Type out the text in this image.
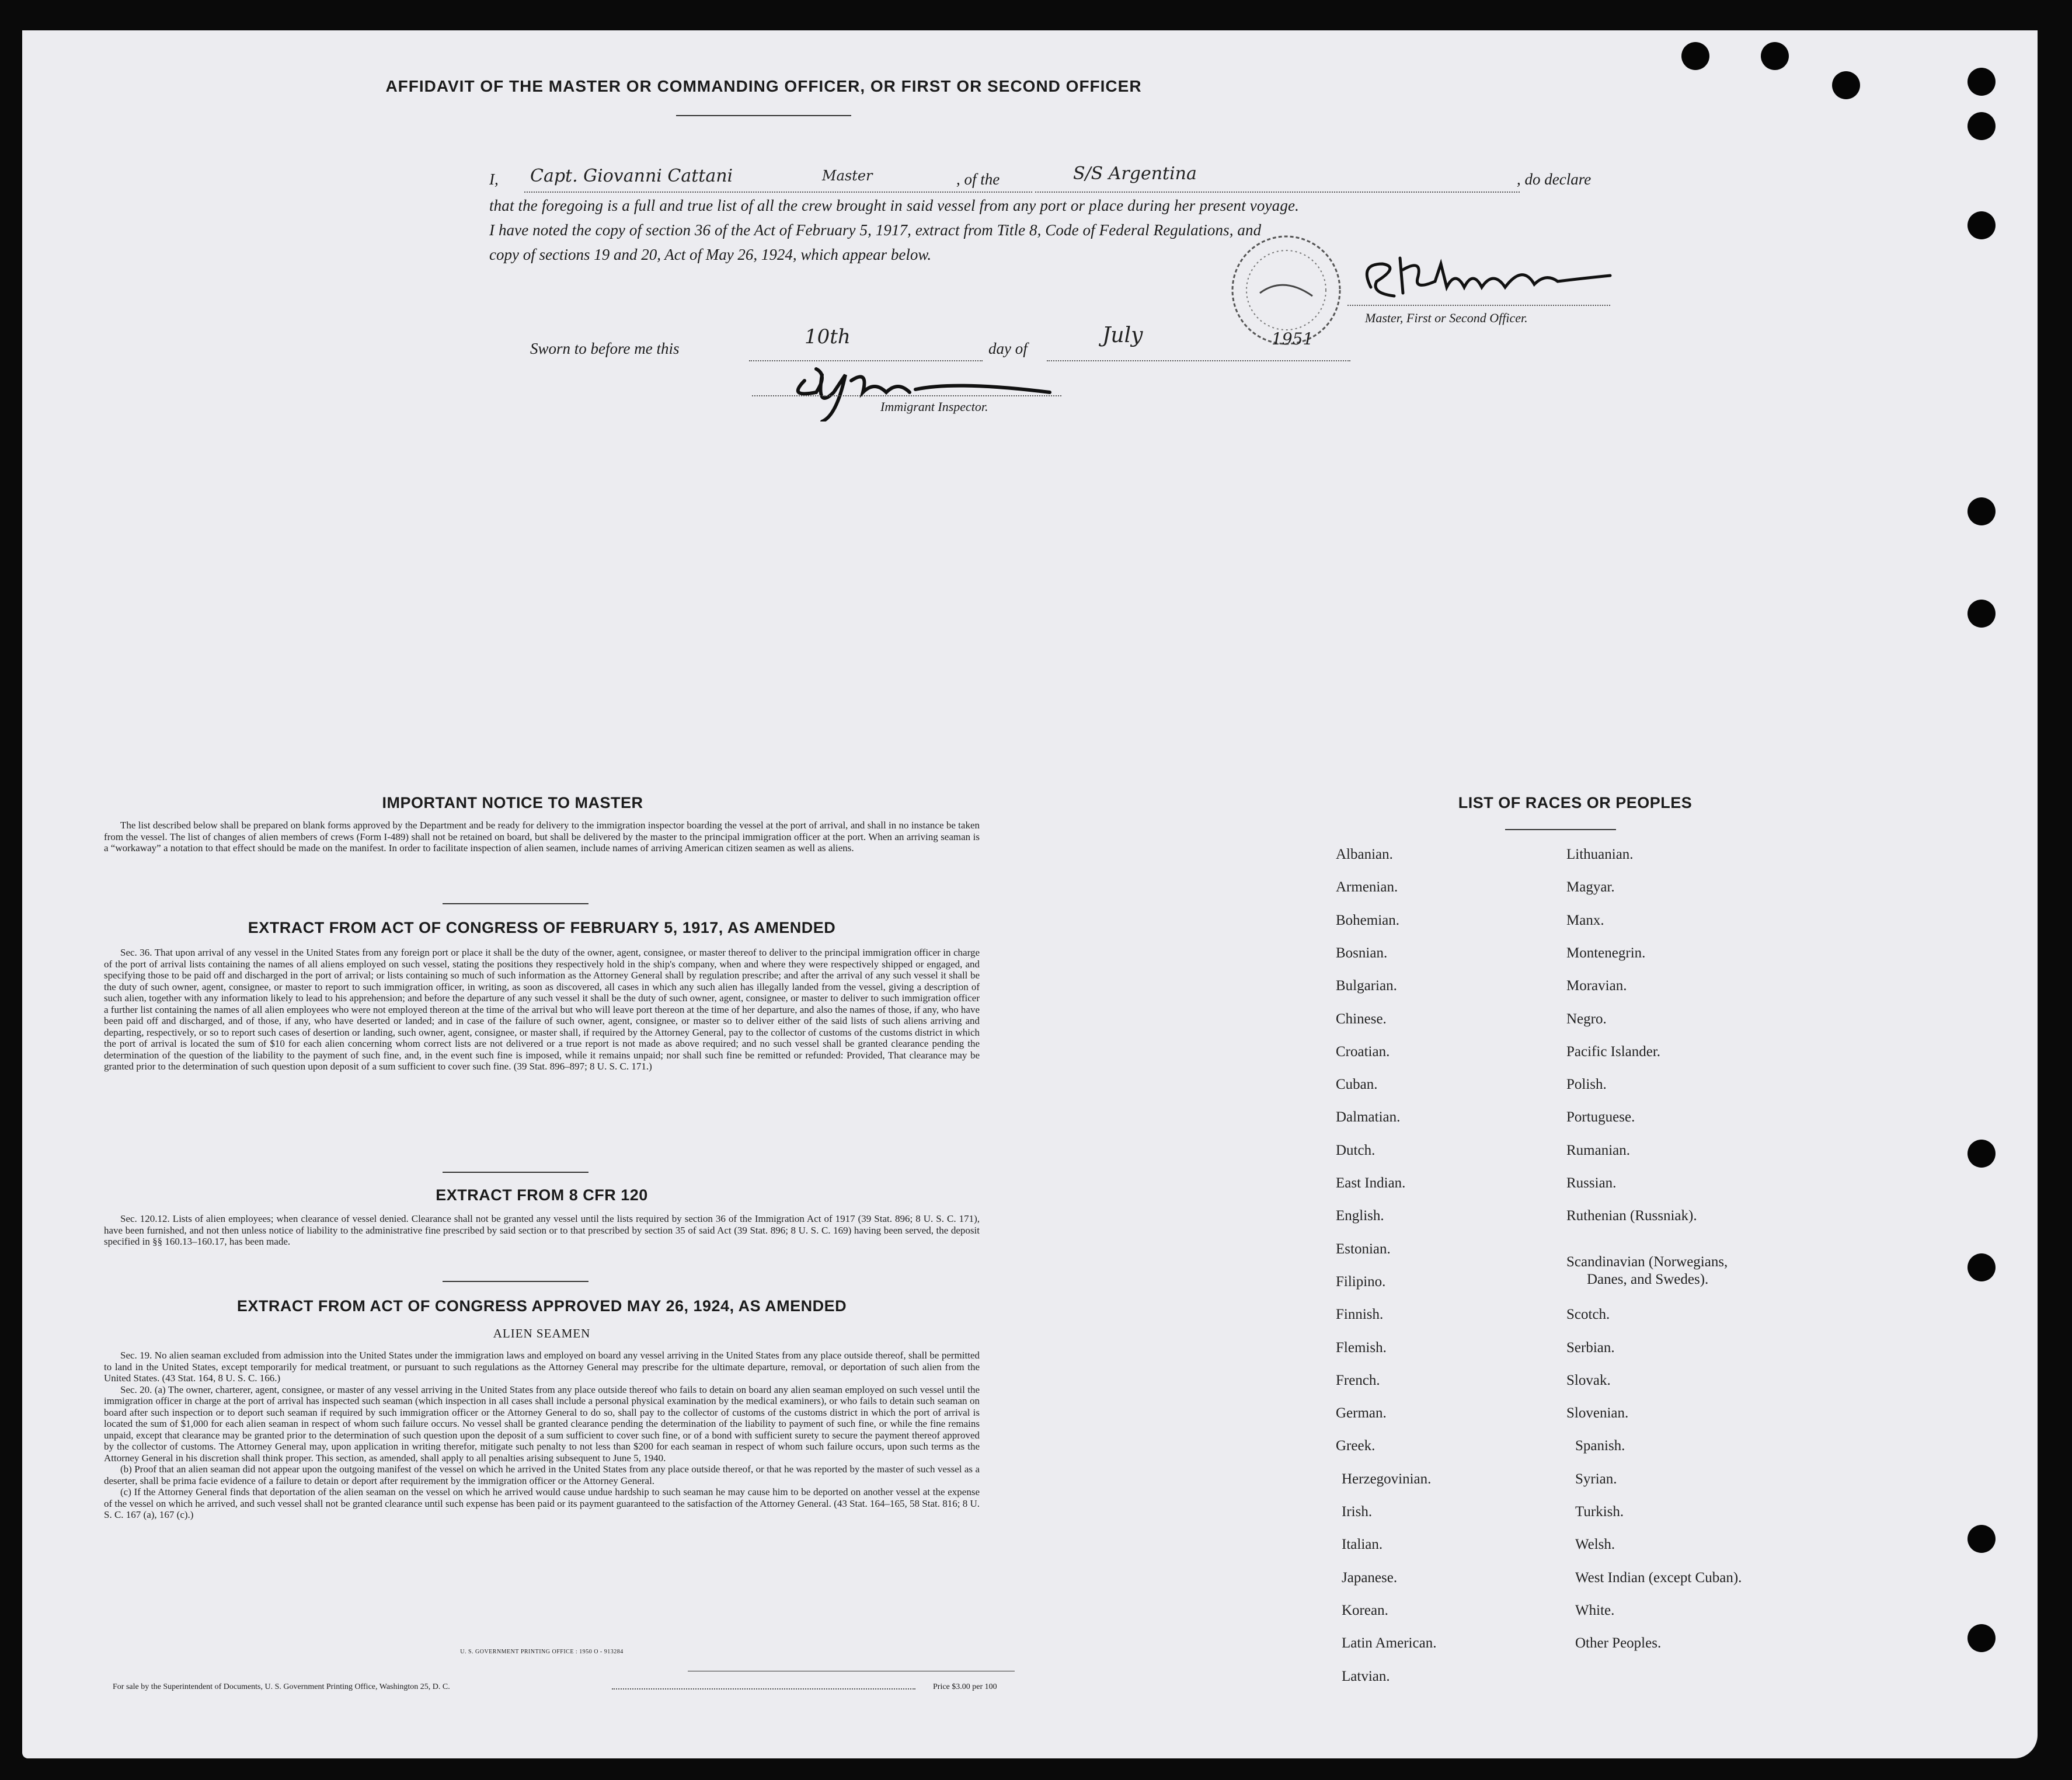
AFFIDAVIT OF THE MASTER OR COMMANDING OFFICER, OR FIRST OR SECOND OFFICER
I, Capt. Giovanni Cattani	Master	, of the	S/S Argentina	, do declare
that the foregoing is a full and true list of all the crew brought in said vessel from any port or place during her present voyage.
I have noted the copy of section 36 of the Act of February 5, 1917, extract from Title 8, Code of Federal Regulations, and
copy of sections 19 and 20, Act of May 26, 1924, which appear below.
Master, First or Second Officer.
Sworn to before me this	10th	day of
July	1951
Immigrant Inspector.
IMPORTANT NOTICE TO MASTER
The list described below shall be prepared on blank forms approved by the Department and be ready for delivery to the immigration inspector boarding the vessel at the port of arrival, and shall in no instance be taken from the vessel. The list of changes of alien members of crews (Form I-489) shall not be retained on board, but shall be delivered by the master to the principal immigration officer at the port. When an arriving seaman is a “workaway” a notation to that effect should be made on the manifest. In order to facilitate inspection of alien seamen, include names of arriving American citizen seamen as well as aliens.
EXTRACT FROM ACT OF CONGRESS OF FEBRUARY 5, 1917, AS AMENDED
Sec. 36. That upon arrival of any vessel in the United States from any foreign port or place it shall be the duty of the owner, agent, consignee, or master thereof to deliver to the principal immigration officer in charge of the port of arrival lists containing the names of all aliens employed on such vessel, stating the positions they respectively hold in the ship's company, when and where they were respectively shipped or engaged, and specifying those to be paid off and discharged in the port of arrival; or lists containing so much of such information as the Attorney General shall by regulation prescribe; and after the arrival of any such vessel it shall be the duty of such owner, agent, consignee, or master to report to such immigration officer, in writing, as soon as discovered, all cases in which any such alien has illegally landed from the vessel, giving a description of such alien, together with any information likely to lead to his apprehension; and before the departure of any such vessel it shall be the duty of such owner, agent, consignee, or master to deliver to such immigration officer a further list containing the names of all alien employees who were not employed thereon at the time of the arrival but who will leave port thereon at the time of her departure, and also the names of those, if any, who have been paid off and discharged, and of those, if any, who have deserted or landed; and in case of the failure of such owner, agent, consignee, or master so to deliver either of the said lists of such aliens arriving and departing, respectively, or so to report such cases of desertion or landing, such owner, agent, consignee, or master shall, if required by the Attorney General, pay to the collector of customs of the customs district in which the port of arrival is located the sum of $10 for each alien concerning whom correct lists are not delivered or a true report is not made as above required; and no such vessel shall be granted clearance pending the determination of the question of the liability to the payment of such fine, and, in the event such fine is imposed, while it remains unpaid; nor shall such fine be remitted or refunded: Provided, That clearance may be granted prior to the determination of such question upon deposit of a sum sufficient to cover such fine. (39 Stat. 896–897; 8 U. S. C. 171.)
EXTRACT FROM 8 CFR 120
Sec. 120.12. Lists of alien employees; when clearance of vessel denied. Clearance shall not be granted any vessel until the lists required by section 36 of the Immigration Act of 1917 (39 Stat. 896; 8 U. S. C. 171), have been furnished, and not then unless notice of liability to the administrative fine prescribed by said section or to that prescribed by section 35 of said Act (39 Stat. 896; 8 U. S. C. 169) having been served, the deposit specified in §§ 160.13–160.17, has been made.
EXTRACT FROM ACT OF CONGRESS APPROVED MAY 26, 1924, AS AMENDED
ALIEN SEAMEN

Sec. 19. No alien seaman excluded from admission into the United States under the immigration laws and employed on board any vessel arriving in the United States from any place outside thereof, shall be permitted to land in the United States, except temporarily for medical treatment, or pursuant to such regulations as the Attorney General may prescribe for the ultimate departure, removal, or deportation of such alien from the United States. (43 Stat. 164, 8 U. S. C. 166.)

Sec. 20. (a) The owner, charterer, agent, consignee, or master of any vessel arriving in the United States from any place outside thereof who fails to detain on board any alien seaman employed on such vessel until the immigration officer in charge at the port of arrival has inspected such seaman (which inspection in all cases shall include a personal physical examination by the medical examiners), or who fails to detain such seaman on board after such inspection or to deport such seaman if required by such immigration officer or the Attorney General to do so, shall pay to the collector of customs of the customs district in which the port of arrival is located the sum of $1,000 for each alien seaman in respect of whom such failure occurs. No vessel shall be granted clearance pending the determination of the liability to payment of such fine, or while the fine remains unpaid, except that clearance may be granted prior to the determination of such question upon the deposit of a sum sufficient to cover such fine, or of a bond with sufficient surety to secure the payment thereof approved by the collector of customs. The Attorney General may, upon application in writing therefor, mitigate such penalty to not less than $200 for each seaman in respect of whom such failure occurs, upon such terms as the Attorney General in his discretion shall think proper. This section, as amended, shall apply to all penalties arising subsequent to June 5, 1940.

(b) Proof that an alien seaman did not appear upon the outgoing manifest of the vessel on which he arrived in the United States from any place outside thereof, or that he was reported by the master of such vessel as a deserter, shall be prima facie evidence of a failure to detain or deport after requirement by the immigration officer or the Attorney General.

(c) If the Attorney General finds that deportation of the alien seaman on the vessel on which he arrived would cause undue hardship to such seaman he may cause him to be deported on another vessel at the expense of the vessel on which he arrived, and such vessel shall not be granted clearance until such expense has been paid or its payment guaranteed to the satisfaction of the Attorney General. (43 Stat. 164–165, 58 Stat. 816; 8 U. S. C. 167 (a), 167 (c).)

U. S. GOVERNMENT PRINTING OFFICE : 1950 O - 913284
For sale by the Superintendent of Documents, U. S. Government Printing Office, Washington 25, D. C.	Price $3.00 per 100
LIST OF RACES OR PEOPLES
Albanian.
Armenian.
Bohemian.
Bosnian.
Bulgarian.
Chinese.
Croatian.
Cuban.
Dalmatian.
Dutch.
East Indian.
English.
Estonian.
Filipino.
Finnish.
Flemish.
French.
German.
Greek.
Herzegovinian.
Irish.
Italian.
Japanese.
Korean.
Latin American.
Latvian.
Lithuanian.
Magyar.
Manx.
Montenegrin.
Moravian.
Negro.
Pacific Islander.
Polish.
Portuguese.
Rumanian.
Russian.
Ruthenian (Russniak).
Scandinavian (Norwegians,
Danes, and Swedes).
Scotch.
Serbian.
Slovak.
Slovenian.
Spanish.
Syrian.
Turkish.
Welsh.
West Indian (except Cuban).
White.
Other Peoples.
